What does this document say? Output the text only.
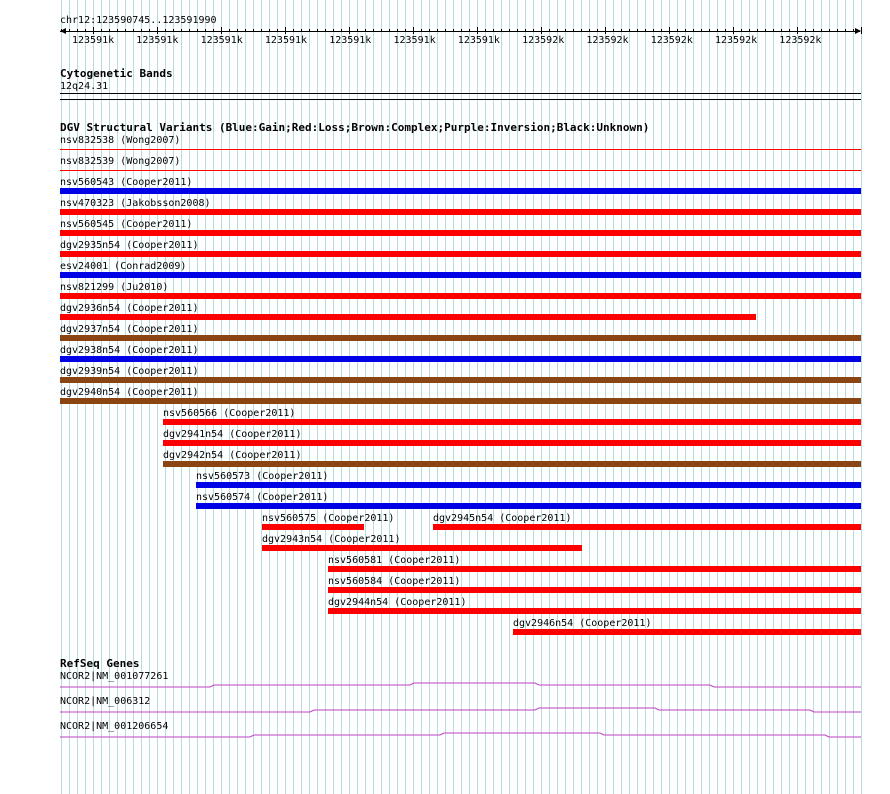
chr12:123590745..123591990
123591k 123591k 123591k 123591k 123591k 123591k 123591k 123592k 123592k 123592k 123592k 123592k
Cytogenetic Bands
12q24.31
DGV Structural Variants (Blue:Gain;Red:Loss;Brown:Complex;Purple:Inversion;Black:Unknown)
nsv832538 (Wong2007)
nsv832539 (Wong2007)
nsv560543 (Cooper2011)
nsv470323 (Jakobsson2008)
nsv560545 (Cooper2011)
dgv2935n54 (Cooper2011)
esv24001 (Conrad2009)
nsv821299 (Ju2010)
dgv2936n54 (Cooper2011)
dgv2937n54 (Cooper2011)
dgv2938n54 (Cooper2011)
dgv2939n54 (Cooper2011)
dgv2940n54 (Cooper2011)
nsv560566 (Cooper2011)
dgv2941n54 (Cooper2011)
dgv2942n54 (Cooper2011)
nsv560573 (Cooper2011)
nsv560574 (Cooper2011)
nsv560575 (Cooper2011)	dgv2945n54 (Cooper2011)
dgv2943n54 (Cooper2011)
nsv560581 (Cooper2011)
nsv560584 (Cooper2011)
dgv2944n54 (Cooper2011)
dgv2946n54 (Cooper2011)
RefSeq Genes
NCOR2|NM_001077261
NCOR2|NM_006312
NCOR2|NM_001206654
